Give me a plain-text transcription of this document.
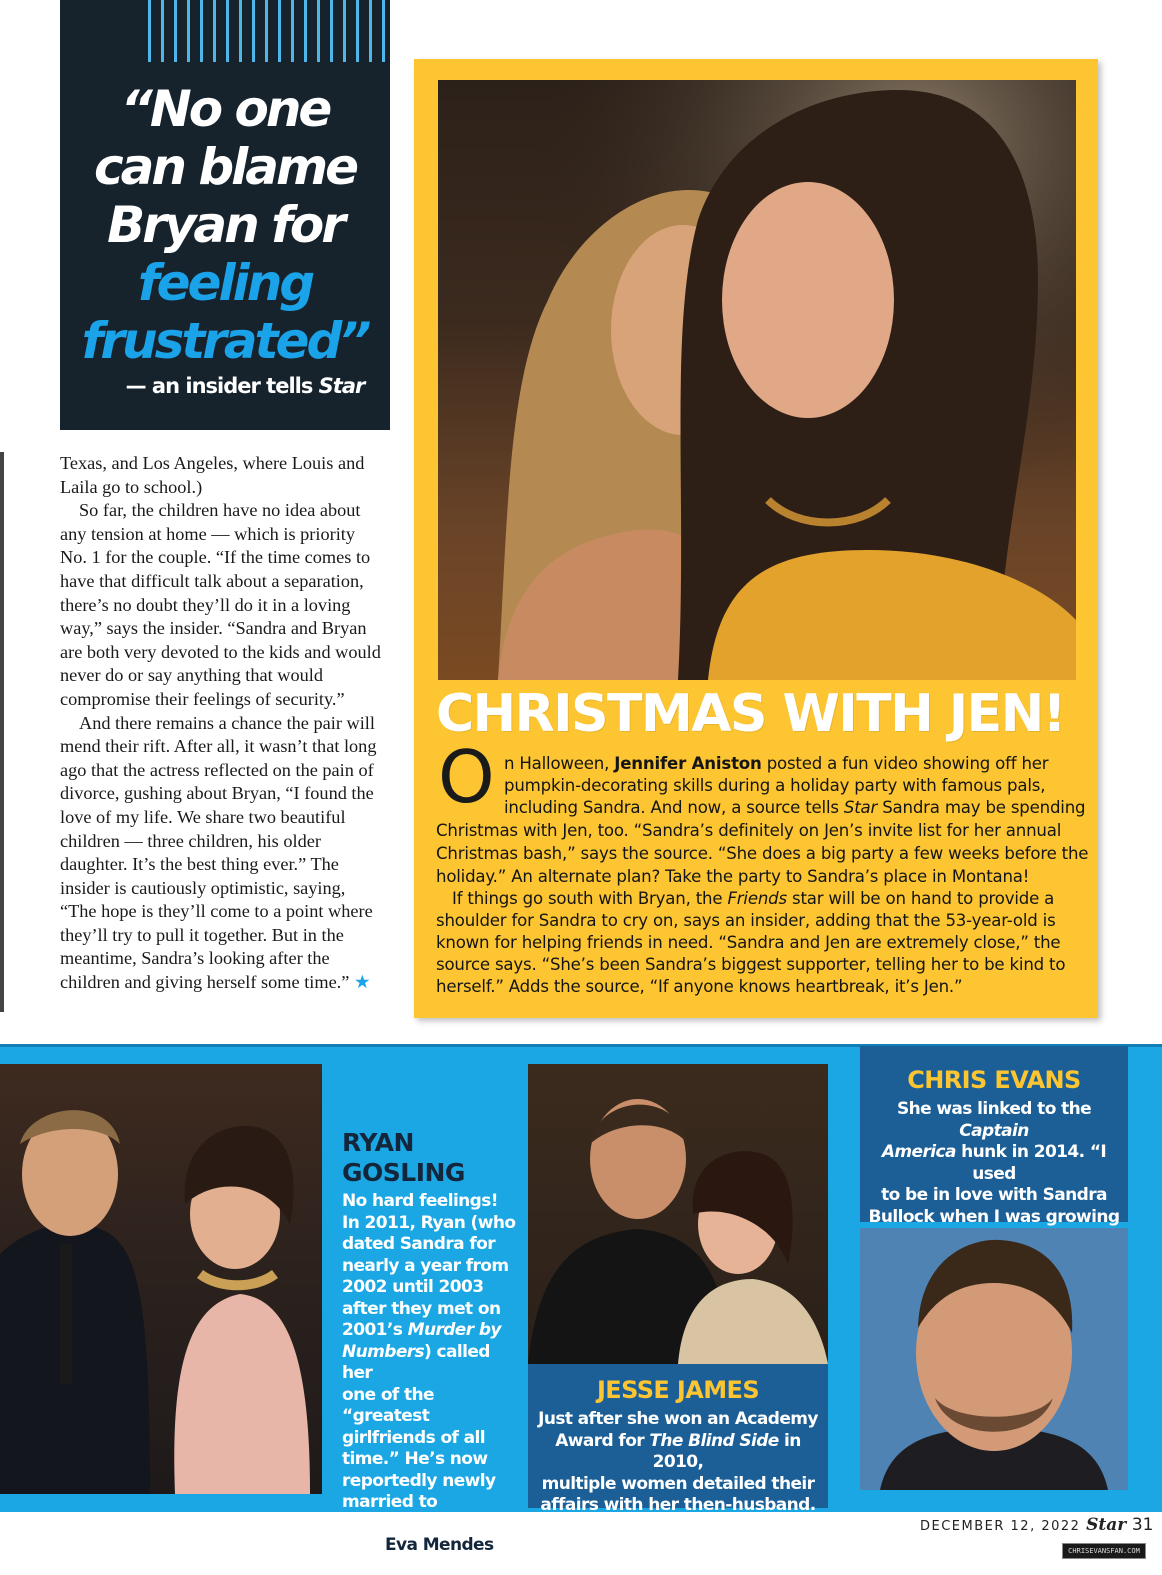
“No one
can blame
Bryan for
feeling
frustrated”
— an insider tells Star

Texas, and Los Angeles, where Louis and Laila go to school.)

So far, the children have no idea about any tension at home — which is priority No. 1 for the couple. “If the time comes to have that difficult talk about a separation, there’s no doubt they’ll do it in a loving way,” says the insider. “Sandra and Bryan are both very devoted to the kids and would never do or say anything that would compromise their feelings of security.”

And there remains a chance the pair will mend their rift. After all, it wasn’t that long ago that the actress reflected on the pain of divorce, gushing about Bryan, “I found the love of my life. We share two beautiful children — three children, his older daughter. It’s the best thing ever.” The insider is cautiously optimistic, saying, “The hope is they’ll come to a point where they’ll try to pull it together. But in the meantime, Sandra’s looking after the children and giving herself some time.” ★

CHRISTMAS WITH JEN!
O n Halloween, Jennifer Aniston posted a fun video showing off her
pumpkin-decorating skills during a holiday party with famous pals,
including Sandra. And now, a source tells Star Sandra may be spending
Christmas with Jen, too. “Sandra’s definitely on Jen’s invite list for her annual
Christmas bash,” says the source. “She does a big party a few weeks before the
holiday.” An alternate plan? Take the party to Sandra’s place in Montana!
If things go south with Bryan, the Friends star will be on hand to provide a
shoulder for Sandra to cry on, says an insider, adding that the 53-year-old is
known for helping friends in need. “Sandra and Jen are extremely close,” the
source says. “She’s been Sandra’s biggest supporter, telling her to be kind to
herself.” Adds the source, “If anyone knows heartbreak, it’s Jen.”
RYAN
GOSLING
No hard feelings!
In 2011, Ryan (who
dated Sandra for
nearly a year from
2002 until 2003
after they met on
2001’s Murder by
Numbers) called her
one of the “greatest
girlfriends of all
time.” He’s now
reportedly newly
married to longtime
love Eva Mendes.
JESSE JAMES
Just after she won an Academy
Award for The Blind Side in 2010,
multiple women detailed their
affairs with her then-husband.
CHRIS EVANS
She was linked to the Captain
America hunk in 2014. “I used
to be in love with Sandra
Bullock when I was growing

DECEMBER 12, 2022 Star 31
CHRISEVANSFAN.COM
